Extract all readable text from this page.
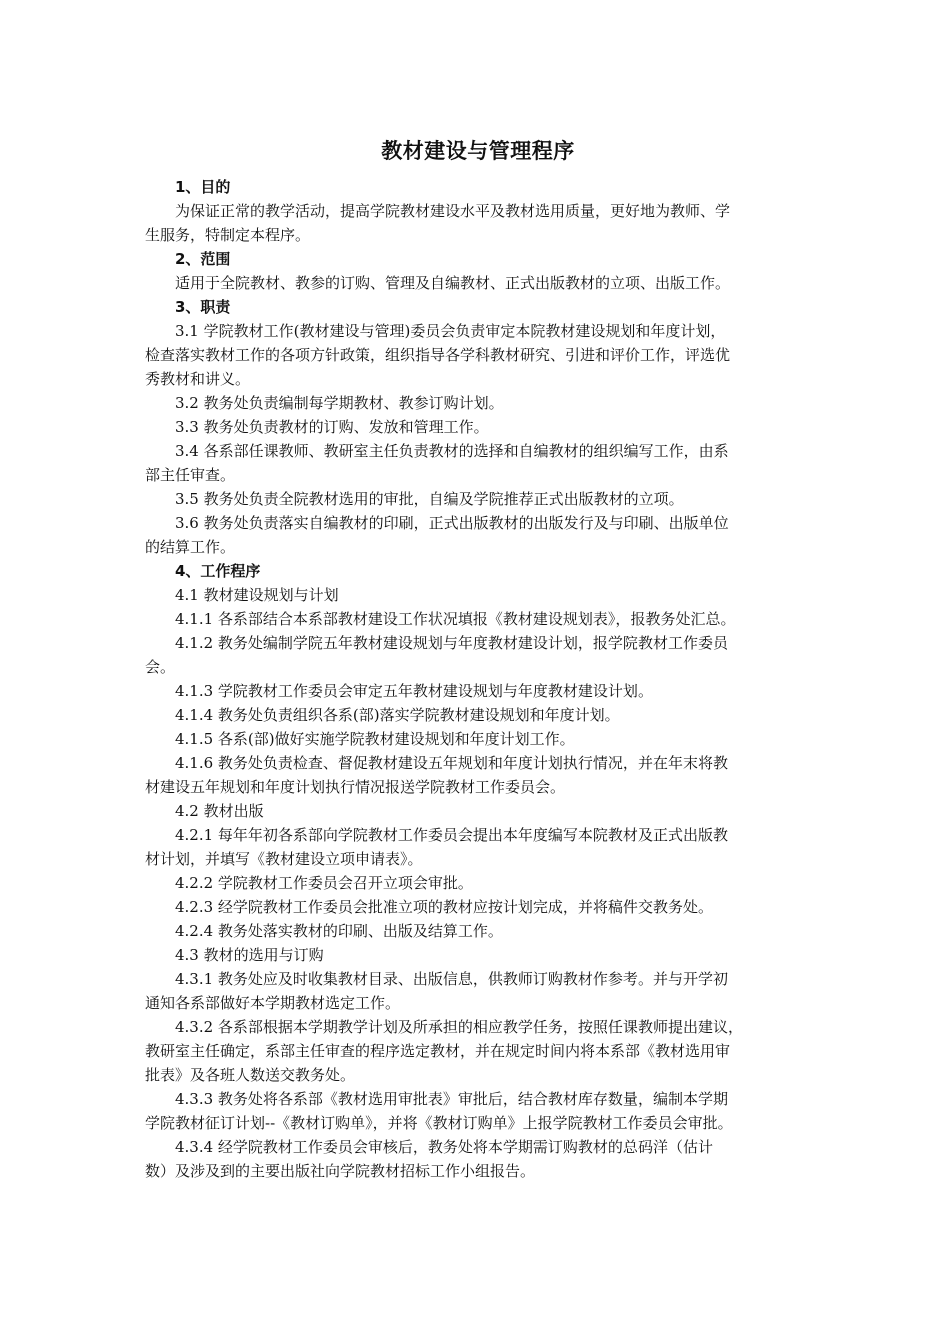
教材建设与管理程序
1、目的
为保证正常的教学活动，提高学院教材建设水平及教材选用质量，更好地为教师、学
生服务，特制定本程序。
2、范围
适用于全院教材、教参的订购、管理及自编教材、正式出版教材的立项、出版工作。
3、职责
3.1 学院教材工作(教材建设与管理)委员会负责审定本院教材建设规划和年度计划，
检查落实教材工作的各项方针政策，组织指导各学科教材研究、引进和评价工作，评选优
秀教材和讲义。
3.2 教务处负责编制每学期教材、教参订购计划。
3.3 教务处负责教材的订购、发放和管理工作。
3.4 各系部任课教师、教研室主任负责教材的选择和自编教材的组织编写工作，由系
部主任审查。
3.5 教务处负责全院教材选用的审批，自编及学院推荐正式出版教材的立项。
3.6 教务处负责落实自编教材的印刷，正式出版教材的出版发行及与印刷、出版单位
的结算工作。
4、工作程序
4.1 教材建设规划与计划
4.1.1 各系部结合本系部教材建设工作状况填报《教材建设规划表》，报教务处汇总。
4.1.2 教务处编制学院五年教材建设规划与年度教材建设计划，报学院教材工作委员
会。
4.1.3 学院教材工作委员会审定五年教材建设规划与年度教材建设计划。
4.1.4 教务处负责组织各系(部)落实学院教材建设规划和年度计划。
4.1.5 各系(部)做好实施学院教材建设规划和年度计划工作。
4.1.6 教务处负责检查、督促教材建设五年规划和年度计划执行情况，并在年末将教
材建设五年规划和年度计划执行情况报送学院教材工作委员会。
4.2 教材出版
4.2.1 每年年初各系部向学院教材工作委员会提出本年度编写本院教材及正式出版教
材计划，并填写《教材建设立项申请表》。
4.2.2 学院教材工作委员会召开立项会审批。
4.2.3 经学院教材工作委员会批准立项的教材应按计划完成，并将稿件交教务处。
4.2.4 教务处落实教材的印刷、出版及结算工作。
4.3 教材的选用与订购
4.3.1 教务处应及时收集教材目录、出版信息，供教师订购教材作参考。并与开学初
通知各系部做好本学期教材选定工作。
4.3.2 各系部根据本学期教学计划及所承担的相应教学任务，按照任课教师提出建议，
教研室主任确定，系部主任审查的程序选定教材，并在规定时间内将本系部《教材选用审
批表》及各班人数送交教务处。
4.3.3 教务处将各系部《教材选用审批表》审批后，结合教材库存数量，编制本学期
学院教材征订计划--《教材订购单》，并将《教材订购单》上报学院教材工作委员会审批。
4.3.4 经学院教材工作委员会审核后，教务处将本学期需订购教材的总码洋（估计
数）及涉及到的主要出版社向学院教材招标工作小组报告。
